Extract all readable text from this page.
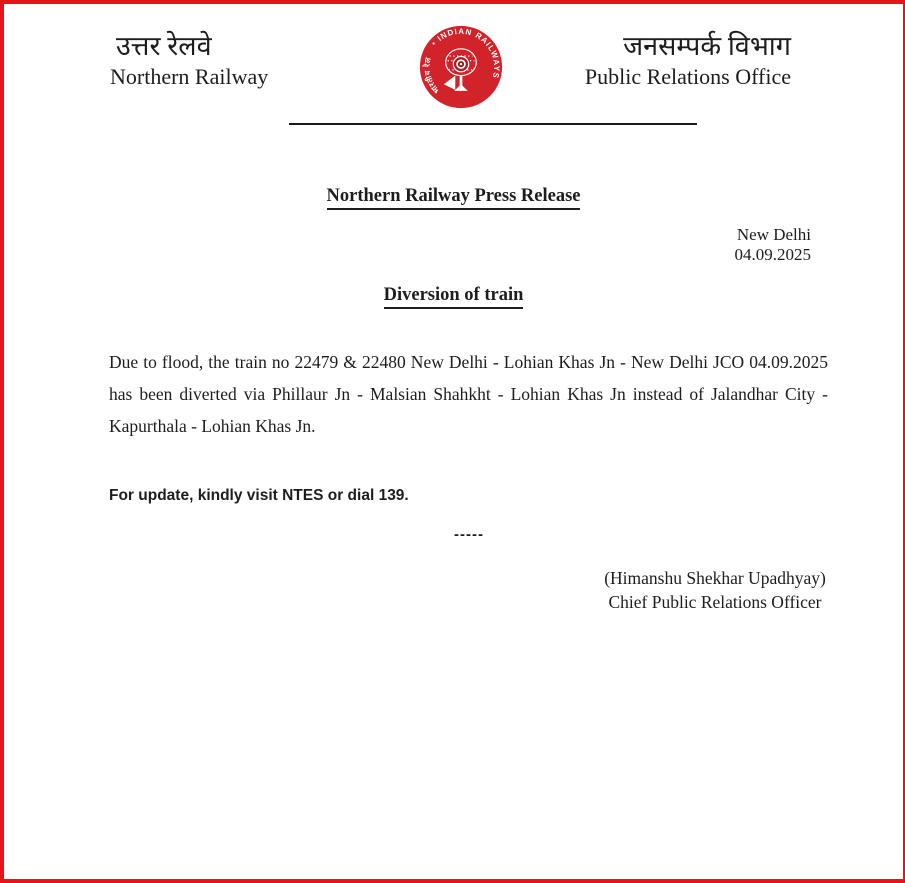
उत्तर रेलवे
Northern Railway
• INDIAN RAILWAYS
भारतीय रेल	जनसम्पर्क विभाग
Public Relations Office
Northern Railway Press Release
New Delhi
04.09.2025
Diversion of train

Due to flood, the train no 22479 & 22480 New Delhi - Lohian Khas Jn - New Delhi JCO 04.09.2025 has been diverted via Phillaur Jn - Malsian Shahkht - Lohian Khas Jn instead of Jalandhar City - Kapurthala - Lohian Khas Jn.

For update, kindly visit NTES or dial 139.
-----
(Himanshu Shekhar Upadhyay)
Chief Public Relations Officer
